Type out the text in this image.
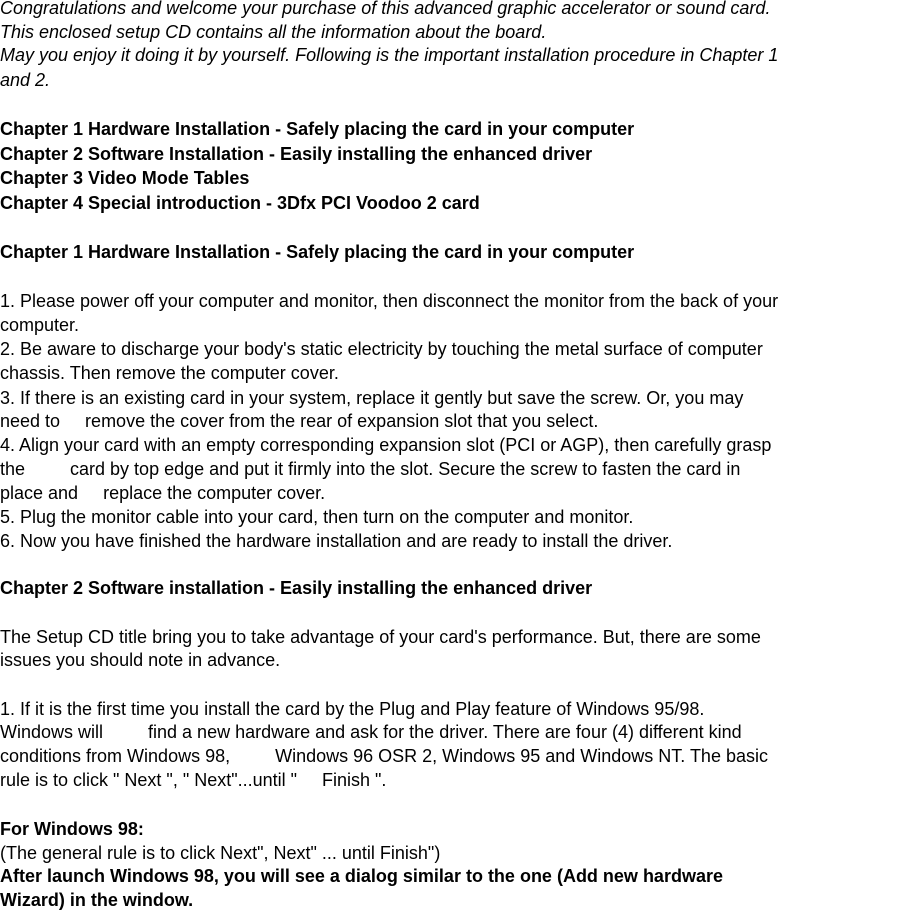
Congratulations and welcome your purchase of this advanced graphic accelerator or sound card.
This enclosed setup CD contains all the information about the board.
May you enjoy it doing it by yourself. Following is the important installation procedure in Chapter 1
and 2.
Chapter 1 Hardware Installation - Safely placing the card in your computer
Chapter 2 Software Installation - Easily installing the enhanced driver
Chapter 3 Video Mode Tables
Chapter 4 Special introduction - 3Dfx PCI Voodoo 2 card
Chapter 1 Hardware Installation - Safely placing the card in your computer
1. Please power off your computer and monitor, then disconnect the monitor from the back of your
computer.
2. Be aware to discharge your body's static electricity by touching the metal surface of computer
chassis. Then remove the computer cover.
3. If there is an existing card in your system, replace it gently but save the screw. Or, you may
need to     remove the cover from the rear of expansion slot that you select.
4. Align your card with an empty corresponding expansion slot (PCI or AGP), then carefully grasp
the         card by top edge and put it firmly into the slot. Secure the screw to fasten the card in
place and     replace the computer cover.
5. Plug the monitor cable into your card, then turn on the computer and monitor.
6. Now you have finished the hardware installation and are ready to install the driver.
Chapter 2 Software installation - Easily installing the enhanced driver
The Setup CD title bring you to take advantage of your card's performance. But, there are some
issues you should note in advance.
1. If it is the first time you install the card by the Plug and Play feature of Windows 95/98.
Windows will         find a new hardware and ask for the driver. There are four (4) different kind
conditions from Windows 98,         Windows 96 OSR 2, Windows 95 and Windows NT. The basic
rule is to click " Next ", " Next"...until "     Finish ".
For Windows 98:
(The general rule is to click Next", Next" ... until Finish")
After launch Windows 98, you will see a dialog similar to the one (Add new hardware
Wizard) in the window.
